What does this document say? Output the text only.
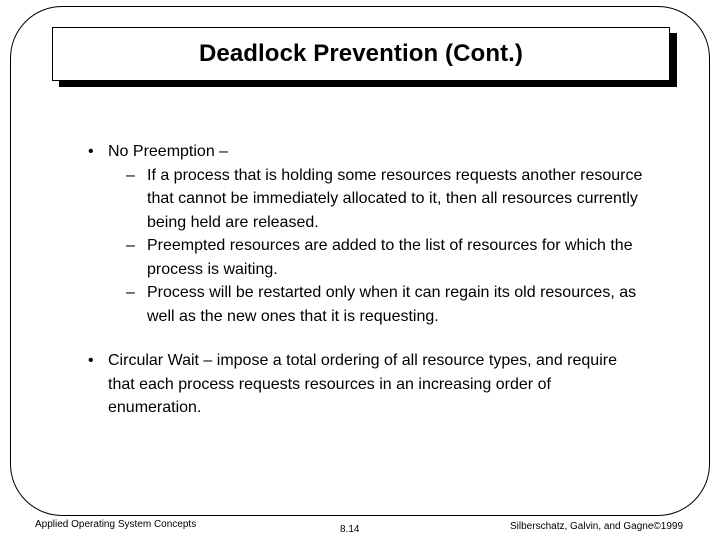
Deadlock Prevention (Cont.)
• No Preemption –
– If a process that is holding some resources requests another resource that cannot be immediately allocated to it, then all resources currently being held are released.
– Preempted resources are added to the list of resources for which the process is waiting.
– Process will be restarted only when it can regain its old resources, as well as the new ones that it is requesting.
• Circular Wait – impose a total ordering of all resource types, and require that each process requests resources in an increasing order of enumeration.
Applied Operating System Concepts	8.14	Silberschatz, Galvin, and Gagne©1999
